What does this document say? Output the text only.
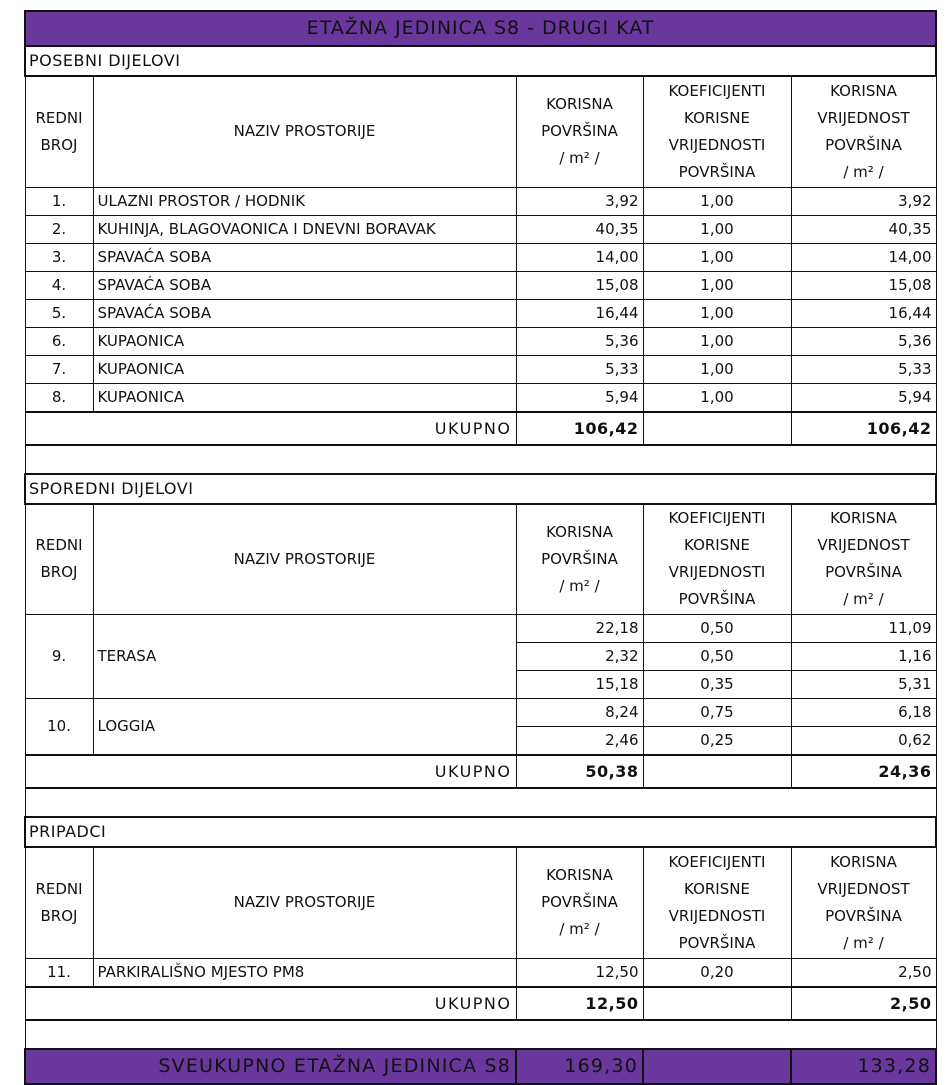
ETAŽNA JEDINICA S8 - DRUGI KAT				
POSEBNI DIJELOVI				
REDNI
BROJ	NAZIV PROSTORIJE	KORISNA
POVRŠINA
/ m² /	KOEFICIJENTI
KORISNE
VRIJEDNOSTI
POVRŠINA	KORISNA
VRIJEDNOST
POVRŠINA
/ m² /
1.	ULAZNI PROSTOR / HODNIK	3,92	1,00	3,92
2.	KUHINJA, BLAGOVAONICA I DNEVNI BORAVAK	40,35	1,00	40,35
3.	SPAVAĆA SOBA	14,00	1,00	14,00
4.	SPAVAĆA SOBA	15,08	1,00	15,08
5.	SPAVAĆA SOBA	16,44	1,00	16,44
6.	KUPAONICA	5,36	1,00	5,36
7.	KUPAONICA	5,33	1,00	5,33
8.	KUPAONICA	5,94	1,00	5,94
UKUPNO		106,42		106,42

SPOREDNI DIJELOVI				
REDNI
BROJ	NAZIV PROSTORIJE	KORISNA
POVRŠINA
/ m² /	KOEFICIJENTI
KORISNE
VRIJEDNOSTI
POVRŠINA	KORISNA
VRIJEDNOST
POVRŠINA
/ m² /
9.	TERASA	22,18	0,50	11,09
		2,32	0,50	1,16
		15,18	0,35	5,31
10.	LOGGIA	8,24	0,75	6,18
		2,46	0,25	0,62
UKUPNO		50,38		24,36

PRIPADCI				
REDNI
BROJ	NAZIV PROSTORIJE	KORISNA
POVRŠINA
/ m² /	KOEFICIJENTI
KORISNE
VRIJEDNOSTI
POVRŠINA	KORISNA
VRIJEDNOST
POVRŠINA
/ m² /
11.	PARKIRALIŠNO MJESTO PM8	12,50	0,20	2,50
UKUPNO		12,50		2,50

SVEUKUPNO ETAŽNA JEDINICA S8		169,30		133,28
